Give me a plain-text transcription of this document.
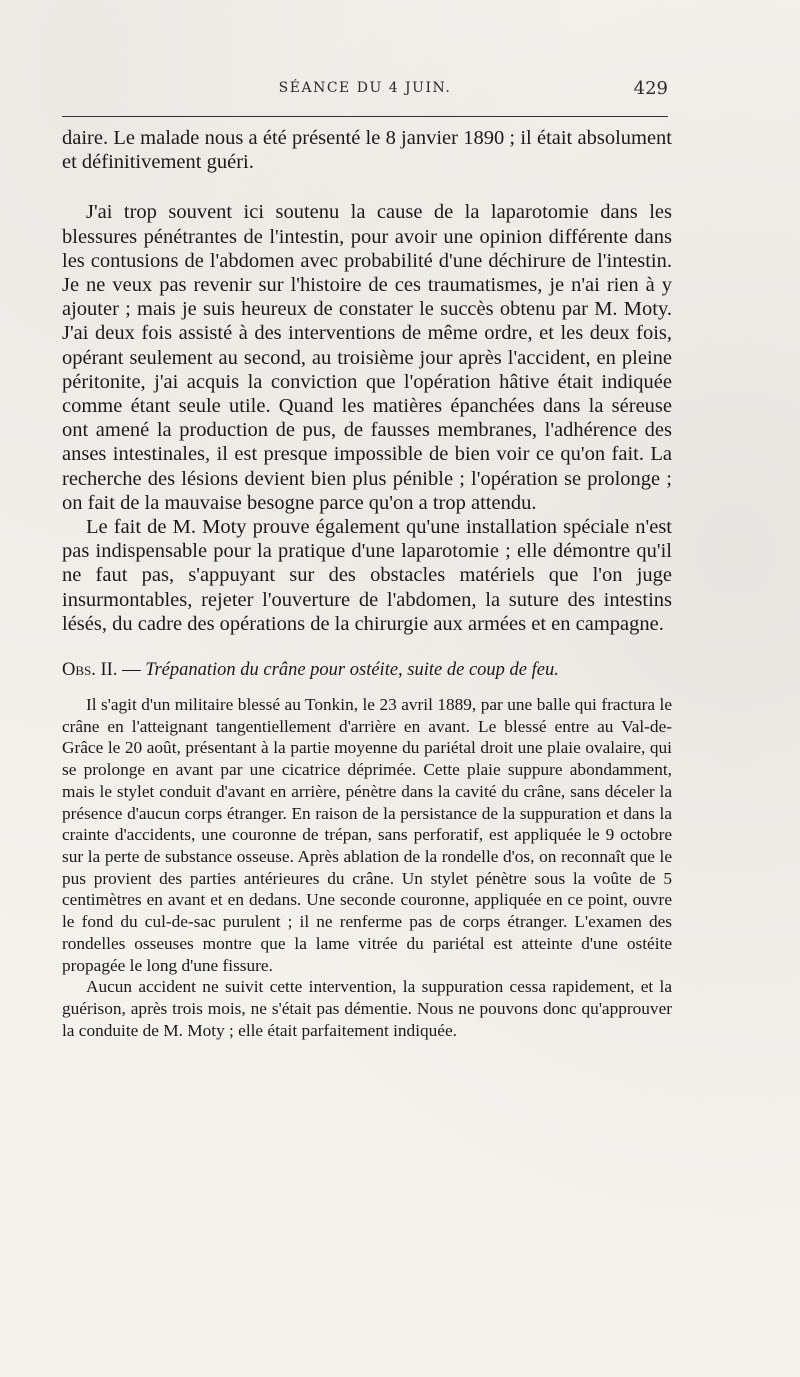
SÉANCE DU 4 JUIN.	429

daire. Le malade nous a été présenté le 8 janvier 1890 ; il était absolument et définitivement guéri.

J'ai trop souvent ici soutenu la cause de la laparotomie dans les blessures pénétrantes de l'intestin, pour avoir une opinion différente dans les contusions de l'abdomen avec probabilité d'une déchirure de l'intestin. Je ne veux pas revenir sur l'histoire de ces traumatismes, je n'ai rien à y ajouter ; mais je suis heureux de constater le succès obtenu par M. Moty. J'ai deux fois assisté à des interventions de même ordre, et les deux fois, opérant seulement au second, au troisième jour après l'accident, en pleine péritonite, j'ai acquis la conviction que l'opération hâtive était indiquée comme étant seule utile. Quand les matières épanchées dans la séreuse ont amené la production de pus, de fausses membranes, l'adhérence des anses intestinales, il est presque impossible de bien voir ce qu'on fait. La recherche des lésions devient bien plus pénible ; l'opération se prolonge ; on fait de la mauvaise besogne parce qu'on a trop attendu.

Le fait de M. Moty prouve également qu'une installation spéciale n'est pas indispensable pour la pratique d'une laparotomie ; elle démontre qu'il ne faut pas, s'appuyant sur des obstacles matériels que l'on juge insurmontables, rejeter l'ouverture de l'abdomen, la suture des intestins lésés, du cadre des opérations de la chirurgie aux armées et en campagne.

Obs. II. — Trépanation du crâne pour ostéite, suite de coup de feu.

Il s'agit d'un militaire blessé au Tonkin, le 23 avril 1889, par une balle qui fractura le crâne en l'atteignant tangentiellement d'arrière en avant. Le blessé entre au Val-de-Grâce le 20 août, présentant à la partie moyenne du pariétal droit une plaie ovalaire, qui se prolonge en avant par une cicatrice déprimée. Cette plaie suppure abondamment, mais le stylet conduit d'avant en arrière, pénètre dans la cavité du crâne, sans déceler la présence d'aucun corps étranger. En raison de la persistance de la suppuration et dans la crainte d'accidents, une couronne de trépan, sans perforatif, est appliquée le 9 octobre sur la perte de substance osseuse. Après ablation de la rondelle d'os, on reconnaît que le pus provient des parties antérieures du crâne. Un stylet pénètre sous la voûte de 5 centimètres en avant et en dedans. Une seconde couronne, appliquée en ce point, ouvre le fond du cul-de-sac purulent ; il ne renferme pas de corps étranger. L'examen des rondelles osseuses montre que la lame vitrée du pariétal est atteinte d'une ostéite propagée le long d'une fissure.

Aucun accident ne suivit cette intervention, la suppuration cessa rapidement, et la guérison, après trois mois, ne s'était pas démentie. Nous ne pouvons donc qu'approuver la conduite de M. Moty ; elle était parfaitement indiquée.
